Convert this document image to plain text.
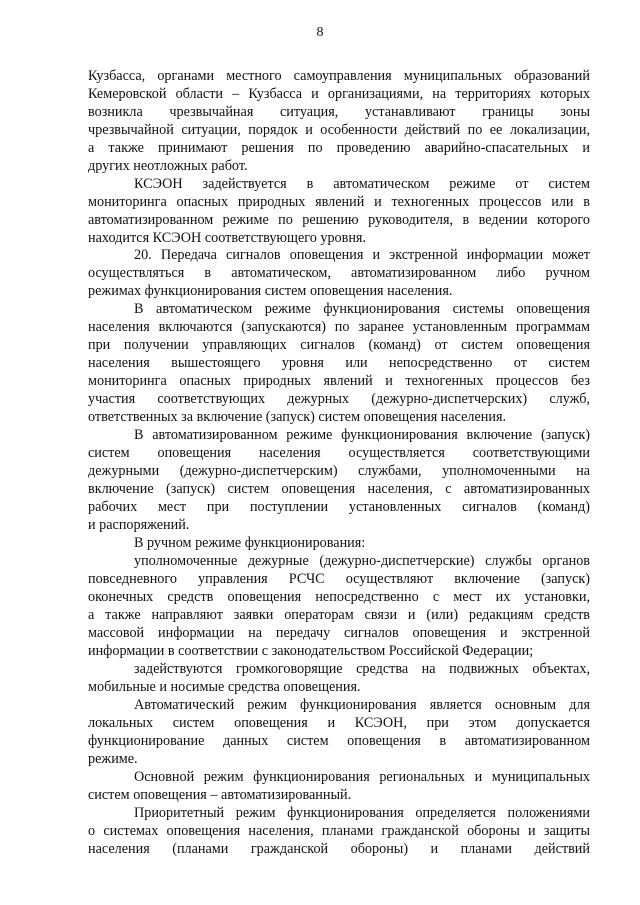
8
Кузбасса, органами местного самоуправления муниципальных образований
Кемеровской области – Кузбасса и организациями, на территориях которых
возникла чрезвычайная ситуация, устанавливают границы зоны
чрезвычайной ситуации, порядок и особенности действий по ее локализации,
а также принимают решения по проведению аварийно-спасательных и
других неотложных работ.
КСЭОН задействуется в автоматическом режиме от систем
мониторинга опасных природных явлений и техногенных процессов или в
автоматизированном режиме по решению руководителя, в ведении которого
находится КСЭОН соответствующего уровня.
20. Передача сигналов оповещения и экстренной информации может
осуществляться в автоматическом, автоматизированном либо ручном
режимах функционирования систем оповещения населения.
В автоматическом режиме функционирования системы оповещения
населения включаются (запускаются) по заранее установленным программам
при получении управляющих сигналов (команд) от систем оповещения
населения вышестоящего уровня или непосредственно от систем
мониторинга опасных природных явлений и техногенных процессов без
участия соответствующих дежурных (дежурно-диспетчерских) служб,
ответственных за включение (запуск) систем оповещения населения.
В автоматизированном режиме функционирования включение (запуск)
систем оповещения населения осуществляется соответствующими
дежурными (дежурно-диспетчерским) службами, уполномоченными на
включение (запуск) систем оповещения населения, с автоматизированных
рабочих мест при поступлении установленных сигналов (команд)
и распоряжений.
В ручном режиме функционирования:
уполномоченные дежурные (дежурно-диспетчерские) службы органов
повседневного управления РСЧС осуществляют включение (запуск)
оконечных средств оповещения непосредственно с мест их установки,
а также направляют заявки операторам связи и (или) редакциям средств
массовой информации на передачу сигналов оповещения и экстренной
информации в соответствии с законодательством Российской Федерации;
задействуются громкоговорящие средства на подвижных объектах,
мобильные и носимые средства оповещения.
Автоматический режим функционирования является основным для
локальных систем оповещения и КСЭОН, при этом допускается
функционирование данных систем оповещения в автоматизированном
режиме.
Основной режим функционирования региональных и муниципальных
систем оповещения – автоматизированный.
Приоритетный режим функционирования определяется положениями
о системах оповещения населения, планами гражданской обороны и защиты
населения (планами гражданской обороны) и планами действий
